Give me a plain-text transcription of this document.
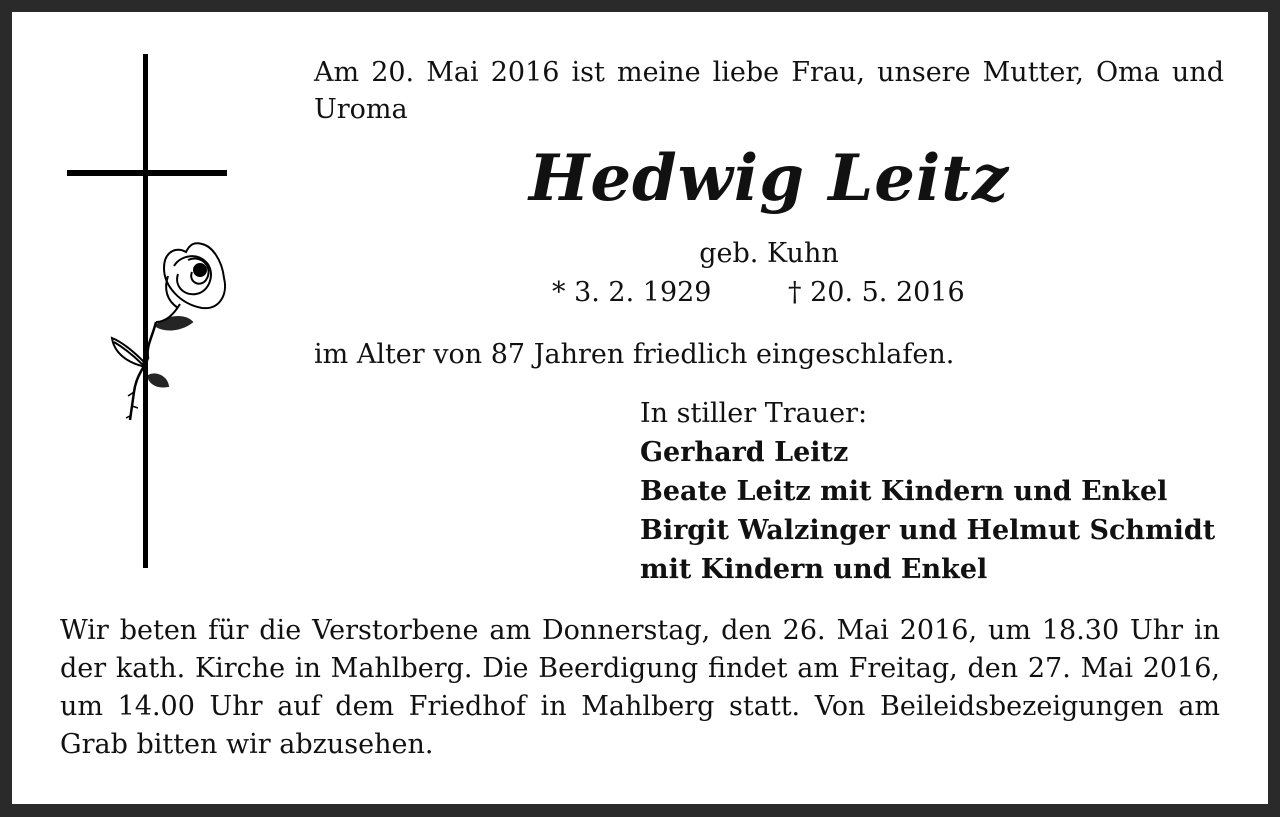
Am 20. Mai 2016 ist meine liebe Frau, unsere Mutter, Oma und Uroma

Hedwig Leitz

geb. Kuhn

* 3. 2. 1929	† 20. 5. 2016

im Alter von 87 Jahren friedlich eingeschlafen.

In stiller Trauer:

Gerhard Leitz
Beate Leitz mit Kindern und Enkel
Birgit Walzinger und Helmut Schmidt
mit Kindern und Enkel

Wir beten für die Verstorbene am Donnerstag, den 26. Mai 2016, um 18.30 Uhr in der kath. Kirche in Mahlberg. Die Beerdigung findet am Freitag, den 27. Mai 2016, um 14.00 Uhr auf dem Friedhof in Mahlberg statt. Von Beileidsbezeigungen am Grab bitten wir abzusehen.
